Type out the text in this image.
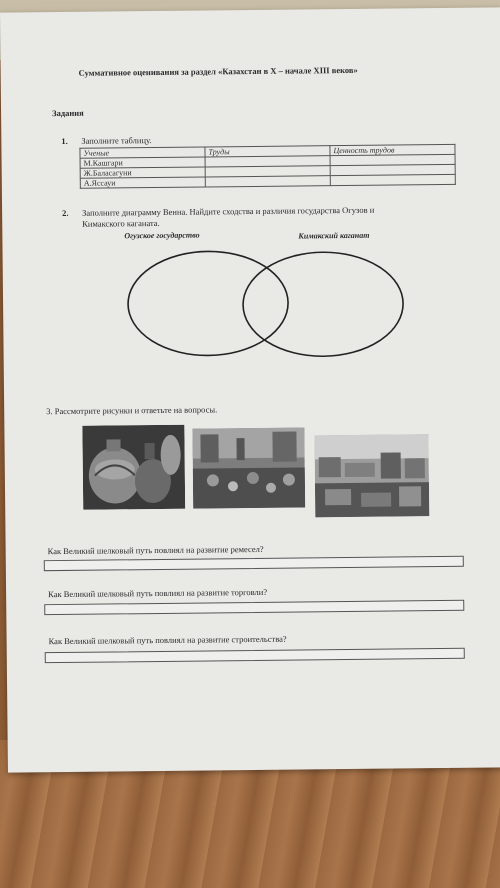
Суммативное оценивания за раздел «Казахстан в X – начале XIII веков»
Задания
1. Заполните таблицу.
Ученые	Труды	Ценность трудов
М.Кашгари		
Ж.Баласагуни		
А.Яссауи		
2. Заполните диаграмму Венна. Найдите сходства и различия государства Огузов и
Кимакского каганата.
Огузское государство	Кимакский каганат
3. Рассмотрите рисунки и ответьте на вопросы.
Как Великий шелковый путь повлиял на развитие ремесел?
Как Великий шелковый путь повлиял на развитие торговли?
Как Великий шелковый путь повлиял на развитие строительства?
